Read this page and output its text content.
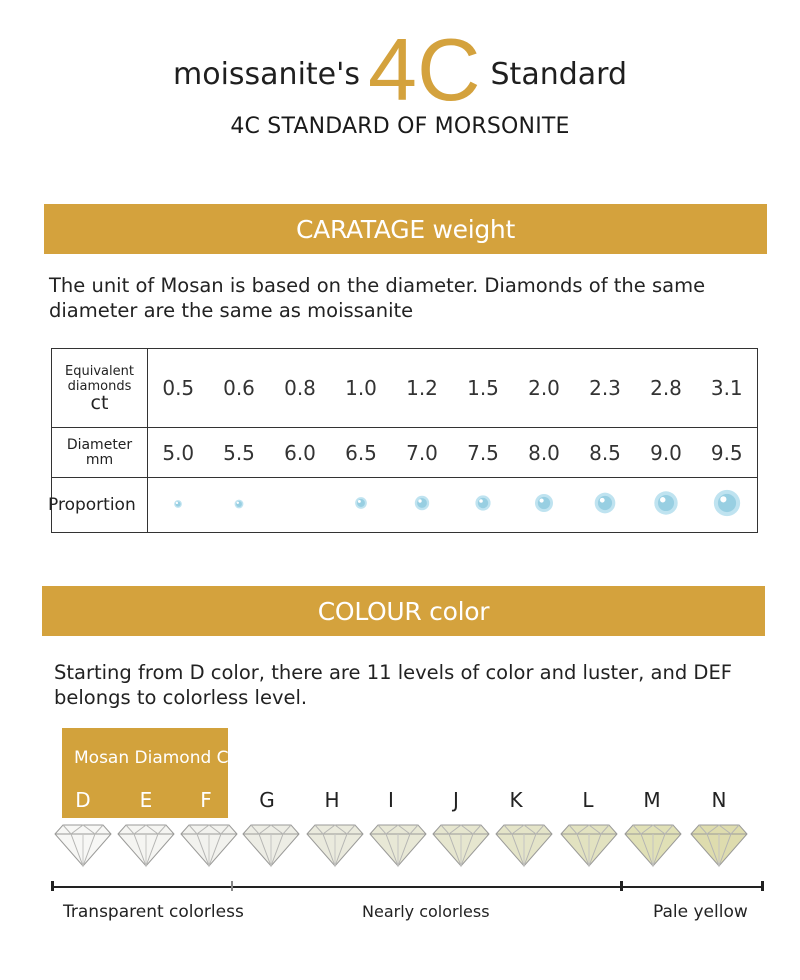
moissanite's 4C Standard
4C STANDARD OF MORSONITE
CARATAGE weight
The unit of Mosan is based on the diameter. Diamonds of the same diameter are the same as moissanite
Equivalent
diamonds
ct	0.5	0.6	0.8	1.0	1.2	1.5	2.0	2.3	2.8	3.1

Diameter
mm	5.0	5.5	6.0	6.5	7.0	7.5	8.0	8.5	9.0	9.5

Proportion

COLOUR color
Starting from D color, there are 11 levels of color and luster, and DEF belongs to colorless level.
Mosan Diamond Color
D	E	F	G	H	I	J	K	L	M	N
Transparent colorless	Nearly colorless	Pale yellow
